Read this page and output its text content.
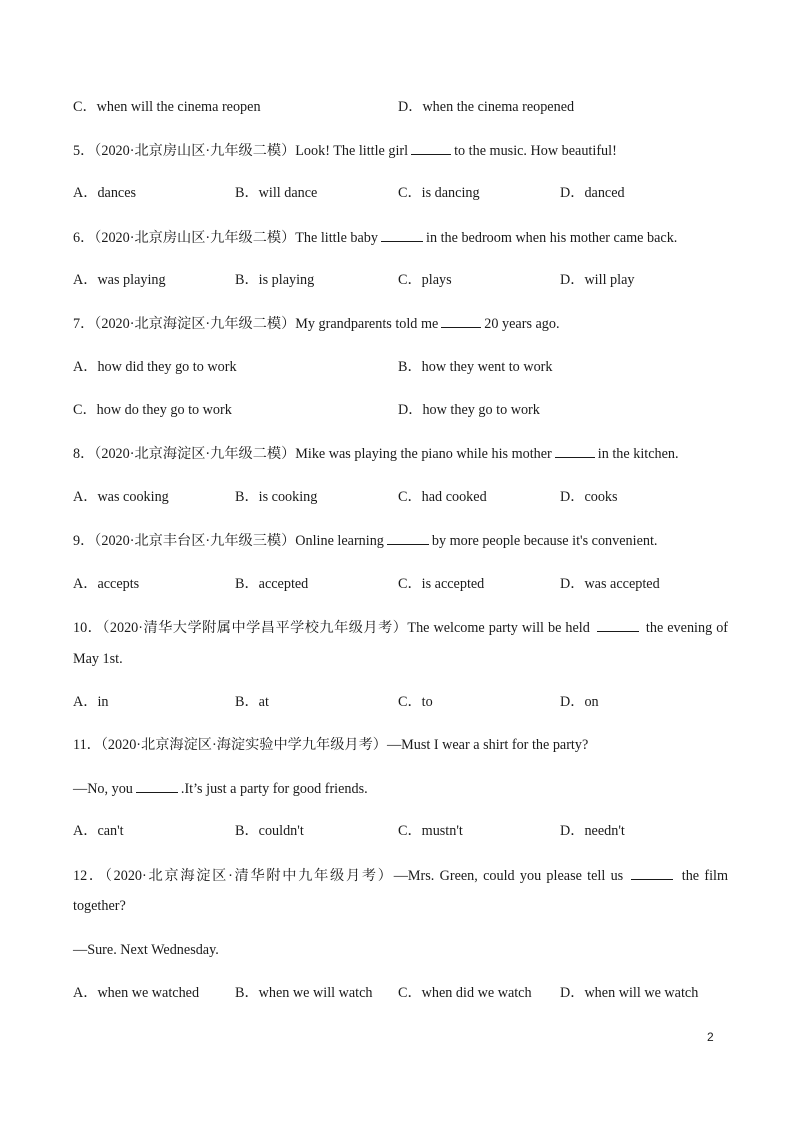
C．when will the cinema reopen	D．when the cinema reopened
5．（2020·北京房山区·九年级二模）Look! The little girl	to the music. How beautiful!
A．dances	B．will dance	C．is dancing	D．danced
6．（2020·北京房山区·九年级二模）The little baby	in the bedroom when his mother came back.
A．was playing	B．is playing	C．plays	D．will play
7．（2020·北京海淀区·九年级二模）My grandparents told me	20 years ago.
A．how did they go to work	B．how they went to work
C．how do they go to work	D．how they go to work
8．（2020·北京海淀区·九年级二模）Mike was playing the piano while his mother	in the kitchen.
A．was cooking	B．is cooking	C．had cooked	D．cooks
9．（2020·北京丰台区·九年级三模）Online learning	by more people because it's convenient.
A．accepts	B．accepted	C．is accepted	D．was accepted
10．（2020·清华大学附属中学昌平学校九年级月考）The welcome party will be held	the evening of
May 1st.
A．in	B．at	C．to	D．on
11．（2020·北京海淀区·海淀实验中学九年级月考）—Must I wear a shirt for the party?
—No, you	.It’s just a party for good friends.
A．can't	B．couldn't	C．mustn't	D．needn't
12．（2020·北京海淀区·清华附中九年级月考）—Mrs. Green, could you please tell us	the film
together?
—Sure. Next Wednesday.
A．when we watched	B．when we will watch C．when did we watch D．when will we watch
2
